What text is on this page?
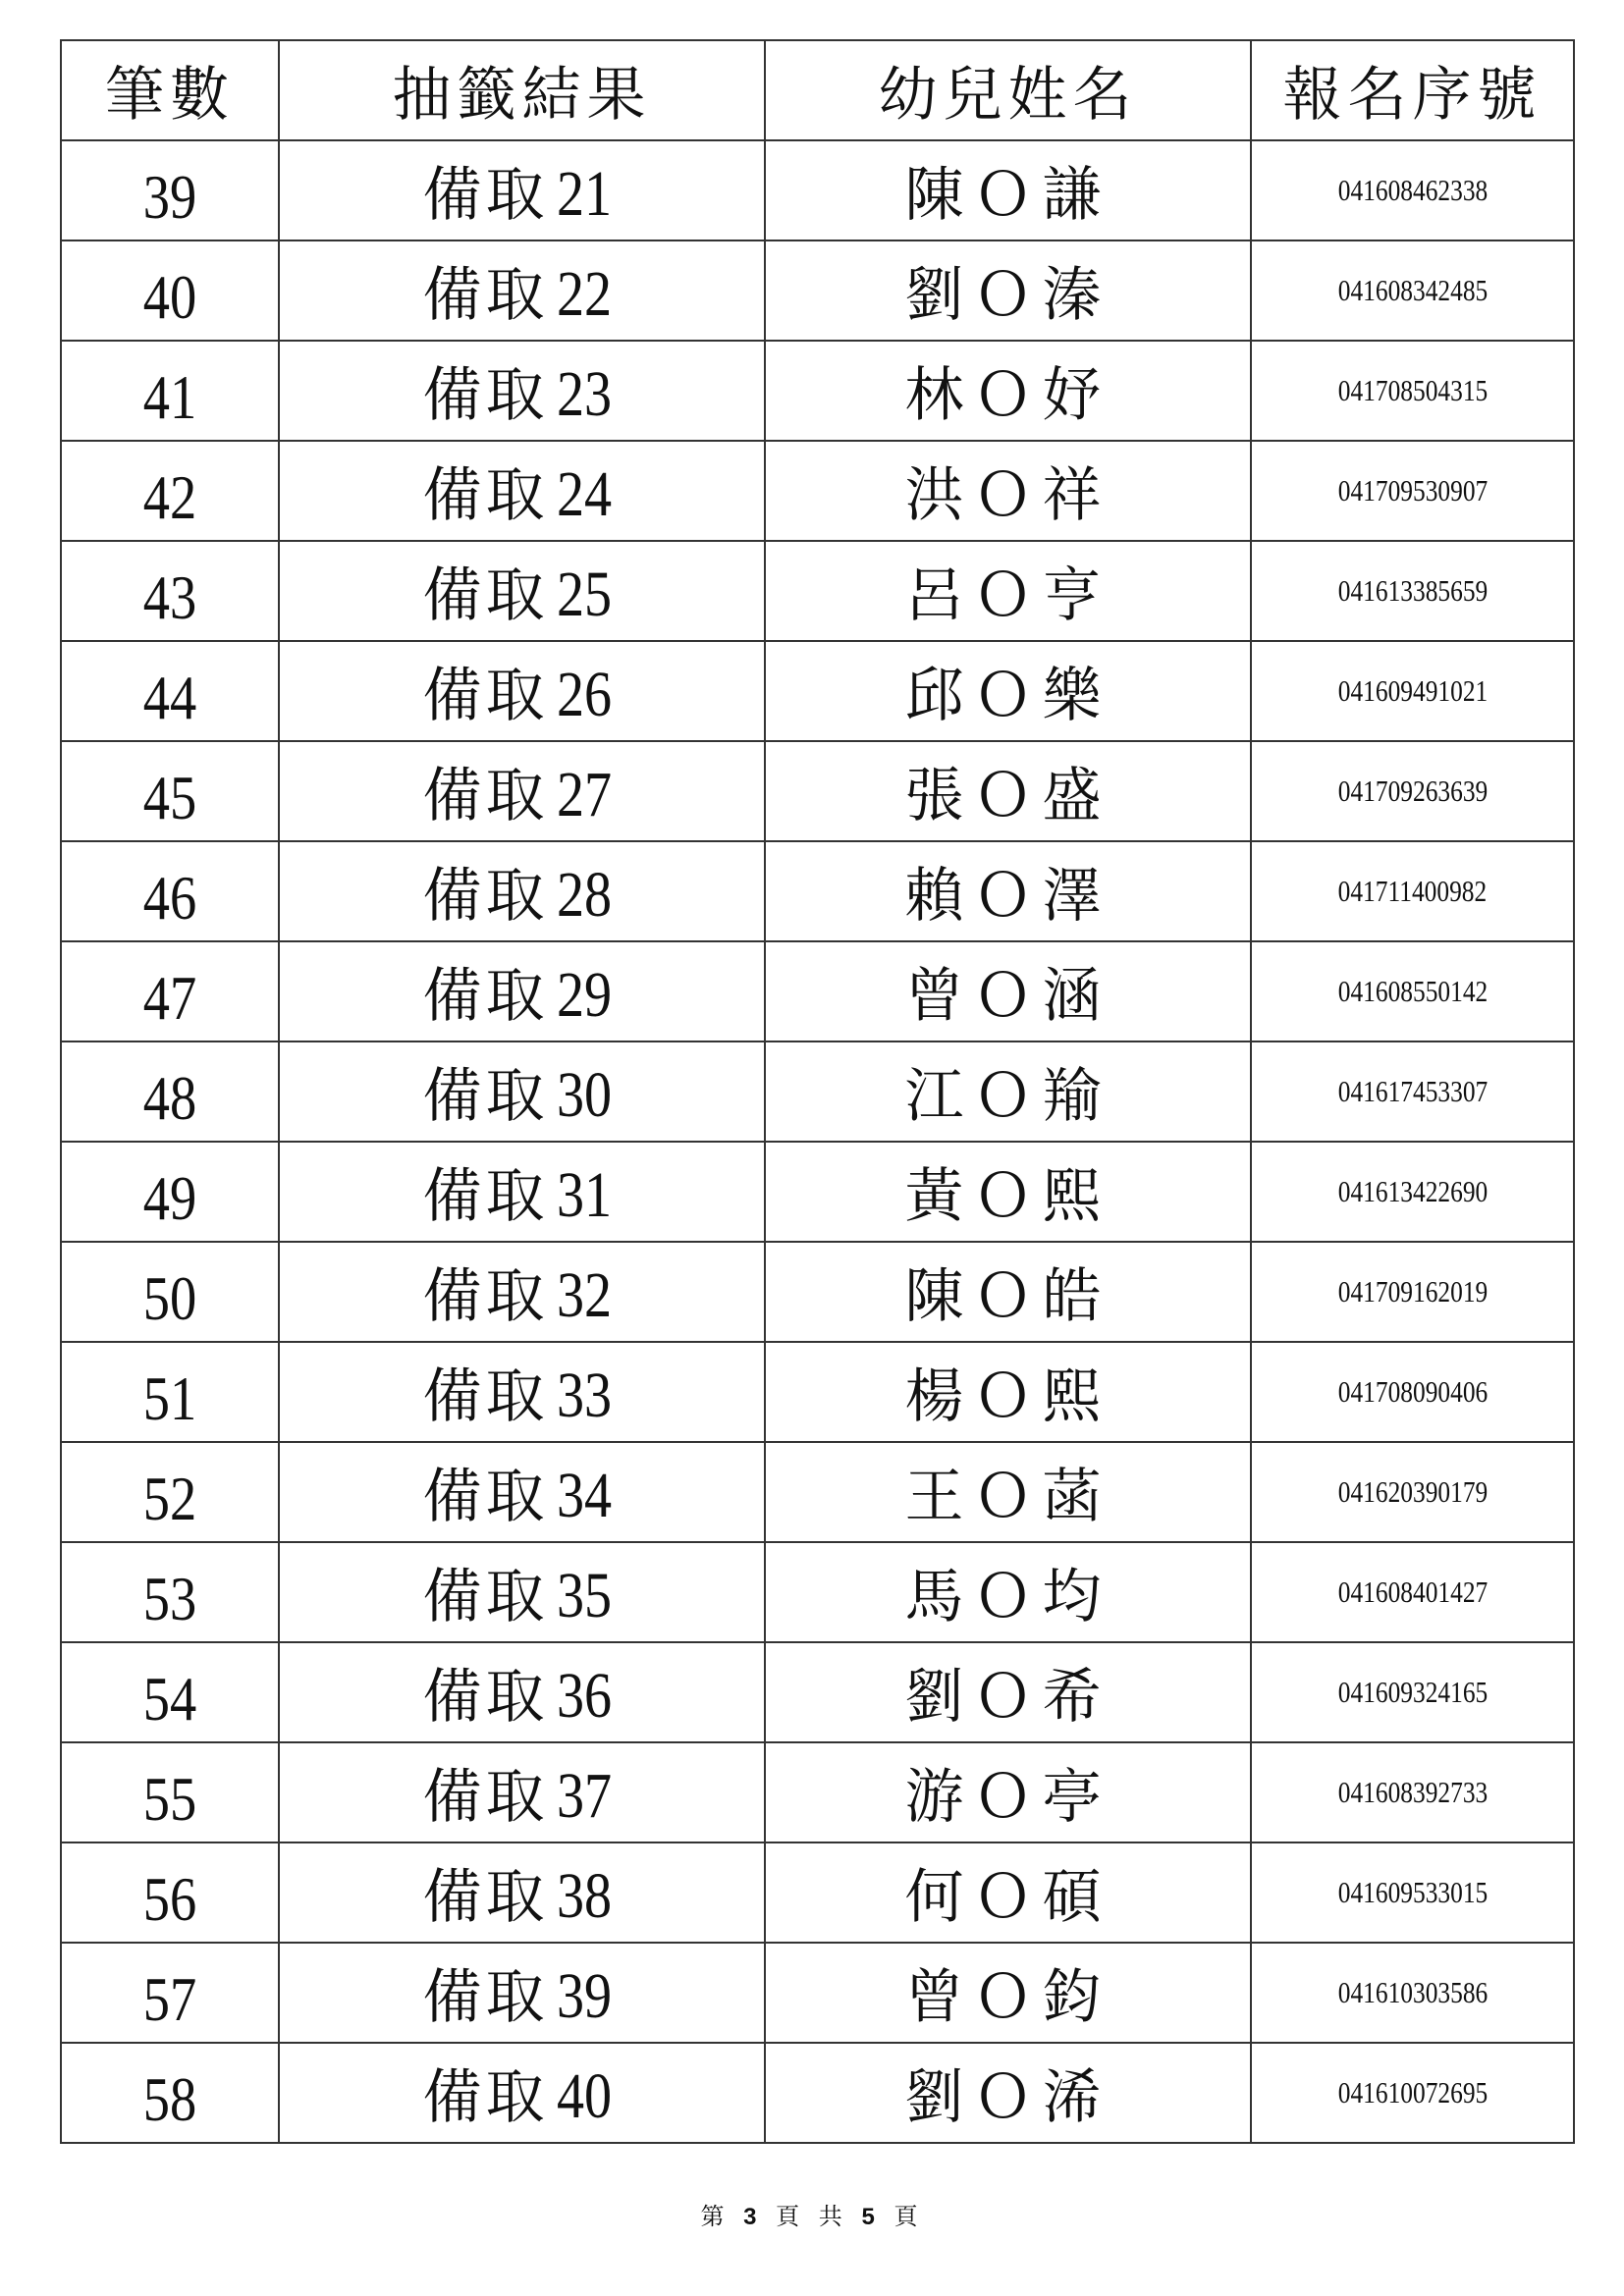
筆數	抽籤結果	幼兒姓名	報名序號
39	備取 21	陳Ｏ謙	041608462338
40	備取 22	劉Ｏ溱	041608342485
41	備取 23	林Ｏ妤	041708504315
42	備取 24	洪Ｏ祥	041709530907
43	備取 25	呂Ｏ亨	041613385659
44	備取 26	邱Ｏ樂	041609491021
45	備取 27	張Ｏ盛	041709263639
46	備取 28	賴Ｏ澤	041711400982
47	備取 29	曾Ｏ涵	041608550142
48	備取 30	江Ｏ羭	041617453307
49	備取 31	黃Ｏ熙	041613422690
50	備取 32	陳Ｏ皓	041709162019
51	備取 33	楊Ｏ熙	041708090406
52	備取 34	王Ｏ菡	041620390179
53	備取 35	馬Ｏ均	041608401427
54	備取 36	劉Ｏ希	041609324165
55	備取 37	游Ｏ亭	041608392733
56	備取 38	何Ｏ碩	041609533015
57	備取 39	曾Ｏ鈞	041610303586
58	備取 40	劉Ｏ浠	041610072695
第 3 頁 共 5 頁
